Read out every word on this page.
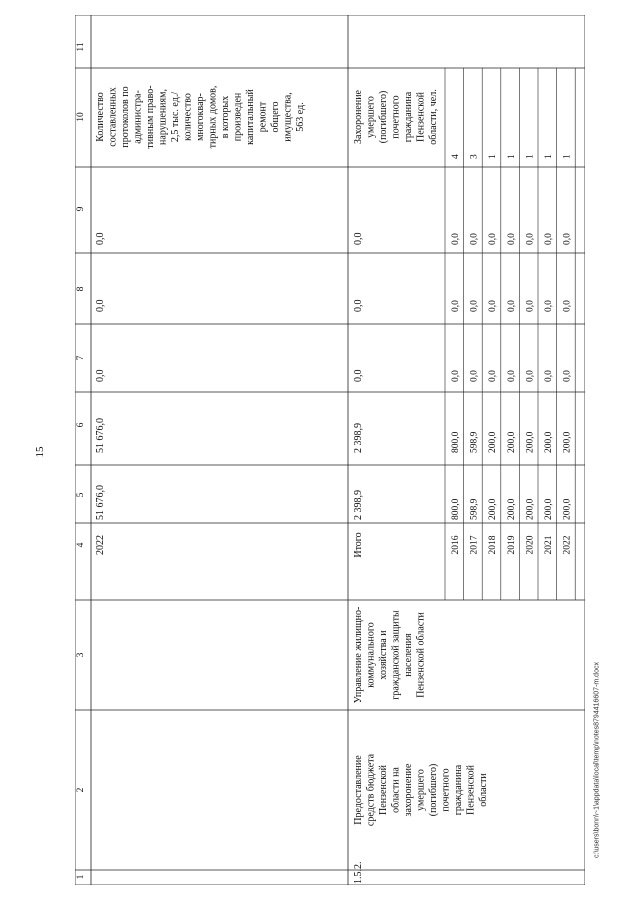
15
c:\users\bonn\~1\appdata\local\temp\notes8794416607-m.docx
1
2
3
4
5
6
7
8
9
10
11
2022
51 676,0
51 676,0
0,0
0,0
0,0
Количество составленных протоколов по администра- тивным право- нарушениям, 2,5 тыс. ед./ количество многоквар- тирных домов, в которых произведен капитальный ремонт общего имущества, 563 ед.
1.5.2.
Предоставление средств бюджета Пензенской области на захоронение умершего (погибшего) почетного гражданина Пензенской области
Управление жилищно- коммунального хозяйства и гражданской защиты населения Пензенской области
Захоронение умершего (погибшего) почетного гражданина Пензенской области, чел.
Итого
2 398,9
2 398,9
0,0
0,0
0,0
2016
800,0
800,0
0,0
0,0
0,0
4
2017
598,9
598,9
0,0
0,0
0,0
3
2018
200,0
200,0
0,0
0,0
0,0
1
2019
200,0
200,0
0,0
0,0
0,0
1
2020
200,0
200,0
0,0
0,0
0,0
1
2021
200,0
200,0
0,0
0,0
0,0
1
2022
200,0
200,0
0,0
0,0
0,0
1
